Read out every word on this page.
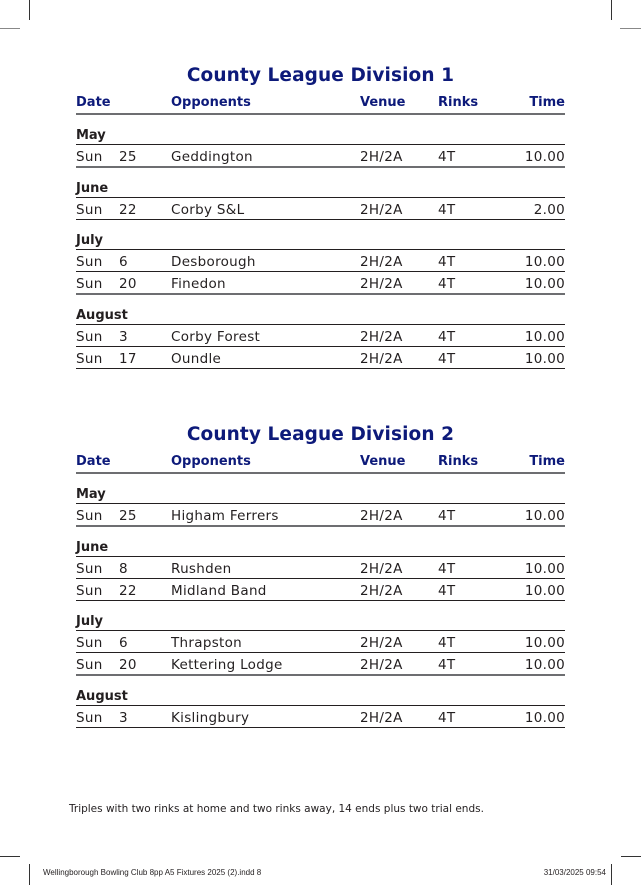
County League Division 1
Date	Opponents	Venue	Rinks	Time
May
Sun 25	Geddington	2H/2A	4T	10.00
June
Sun 22	Corby S&L	2H/2A	4T	2.00
July
Sun 6	Desborough	2H/2A	4T	10.00
Sun 20	Finedon	2H/2A	4T	10.00
August
Sun 3	Corby Forest	2H/2A	4T	10.00
Sun 17	Oundle	2H/2A	4T	10.00
County League Division 2
Date	Opponents	Venue	Rinks	Time
May
Sun 25	Higham Ferrers	2H/2A	4T	10.00
June
Sun 8	Rushden	2H/2A	4T	10.00
Sun 22	Midland Band	2H/2A	4T	10.00
July
Sun 6	Thrapston	2H/2A	4T	10.00
Sun 20	Kettering Lodge	2H/2A	4T	10.00
August
Sun 3	Kislingbury	2H/2A	4T	10.00
Triples with two rinks at home and two rinks away, 14 ends plus two trial ends.
Wellingborough Bowling Club 8pp A5 Fixtures 2025 (2).indd 8	31/03/2025 09:54
